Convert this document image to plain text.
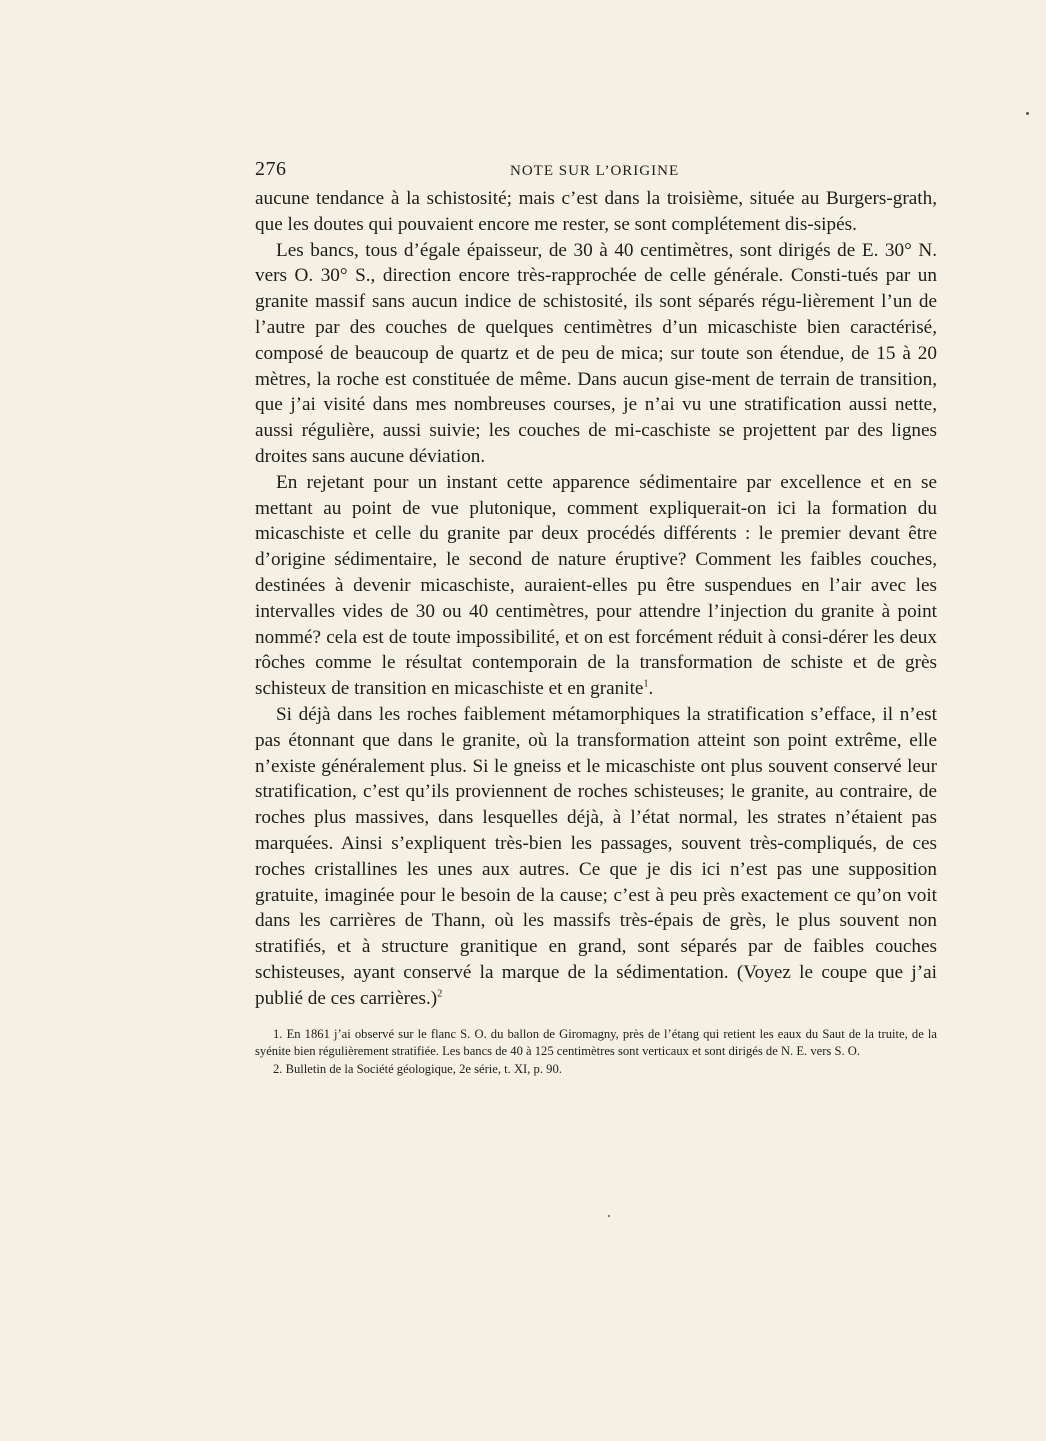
276	NOTE SUR L’ORIGINE

aucune tendance à la schistosité; mais c’est dans la troisième, située au Burgers-grath, que les doutes qui pouvaient encore me rester, se sont complétement dis-sipés.

Les bancs, tous d’égale épaisseur, de 30 à 40 centimètres, sont dirigés de E. 30° N. vers O. 30° S., direction encore très-rapprochée de celle générale. Consti-tués par un granite massif sans aucun indice de schistosité, ils sont séparés régu-lièrement l’un de l’autre par des couches de quelques centimètres d’un micaschiste bien caractérisé, composé de beaucoup de quartz et de peu de mica; sur toute son étendue, de 15 à 20 mètres, la roche est constituée de même. Dans aucun gise-ment de terrain de transition, que j’ai visité dans mes nombreuses courses, je n’ai vu une stratification aussi nette, aussi régulière, aussi suivie; les couches de mi-caschiste se projettent par des lignes droites sans aucune déviation.

En rejetant pour un instant cette apparence sédimentaire par excellence et en se mettant au point de vue plutonique, comment expliquerait-on ici la formation du micaschiste et celle du granite par deux procédés différents : le premier devant être d’origine sédimentaire, le second de nature éruptive? Comment les faibles couches, destinées à devenir micaschiste, auraient-elles pu être suspendues en l’air avec les intervalles vides de 30 ou 40 centimètres, pour attendre l’injection du granite à point nommé? cela est de toute impossibilité, et on est forcément réduit à consi-dérer les deux rôches comme le résultat contemporain de la transformation de schiste et de grès schisteux de transition en micaschiste et en granite$^1$.

Si déjà dans les roches faiblement métamorphiques la stratification s’efface, il n’est pas étonnant que dans le granite, où la transformation atteint son point extrême, elle n’existe généralement plus. Si le gneiss et le micaschiste ont plus souvent conservé leur stratification, c’est qu’ils proviennent de roches schisteuses; le granite, au contraire, de roches plus massives, dans lesquelles déjà, à l’état normal, les strates n’étaient pas marquées. Ainsi s’expliquent très-bien les passages, souvent très-compliqués, de ces roches cristallines les unes aux autres. Ce que je dis ici n’est pas une supposition gratuite, imaginée pour le besoin de la cause; c’est à peu près exactement ce qu’on voit dans les carrières de Thann, où les massifs très-épais de grès, le plus souvent non stratifiés, et à structure granitique en grand, sont séparés par de faibles couches schisteuses, ayant conservé la marque de la sédimentation. (Voyez le coupe que j’ai publié de ces carrières.)$^2$

1. En 1861 j’ai observé sur le flanc S. O. du ballon de Giromagny, près de l’étang qui retient les eaux du Saut de la truite, de la syénite bien régulièrement stratifiée. Les bancs de 40 à 125 centimètres sont verticaux et sont dirigés de N. E. vers S. O.

2. Bulletin de la Société géologique, 2e série, t. XI, p. 90.
